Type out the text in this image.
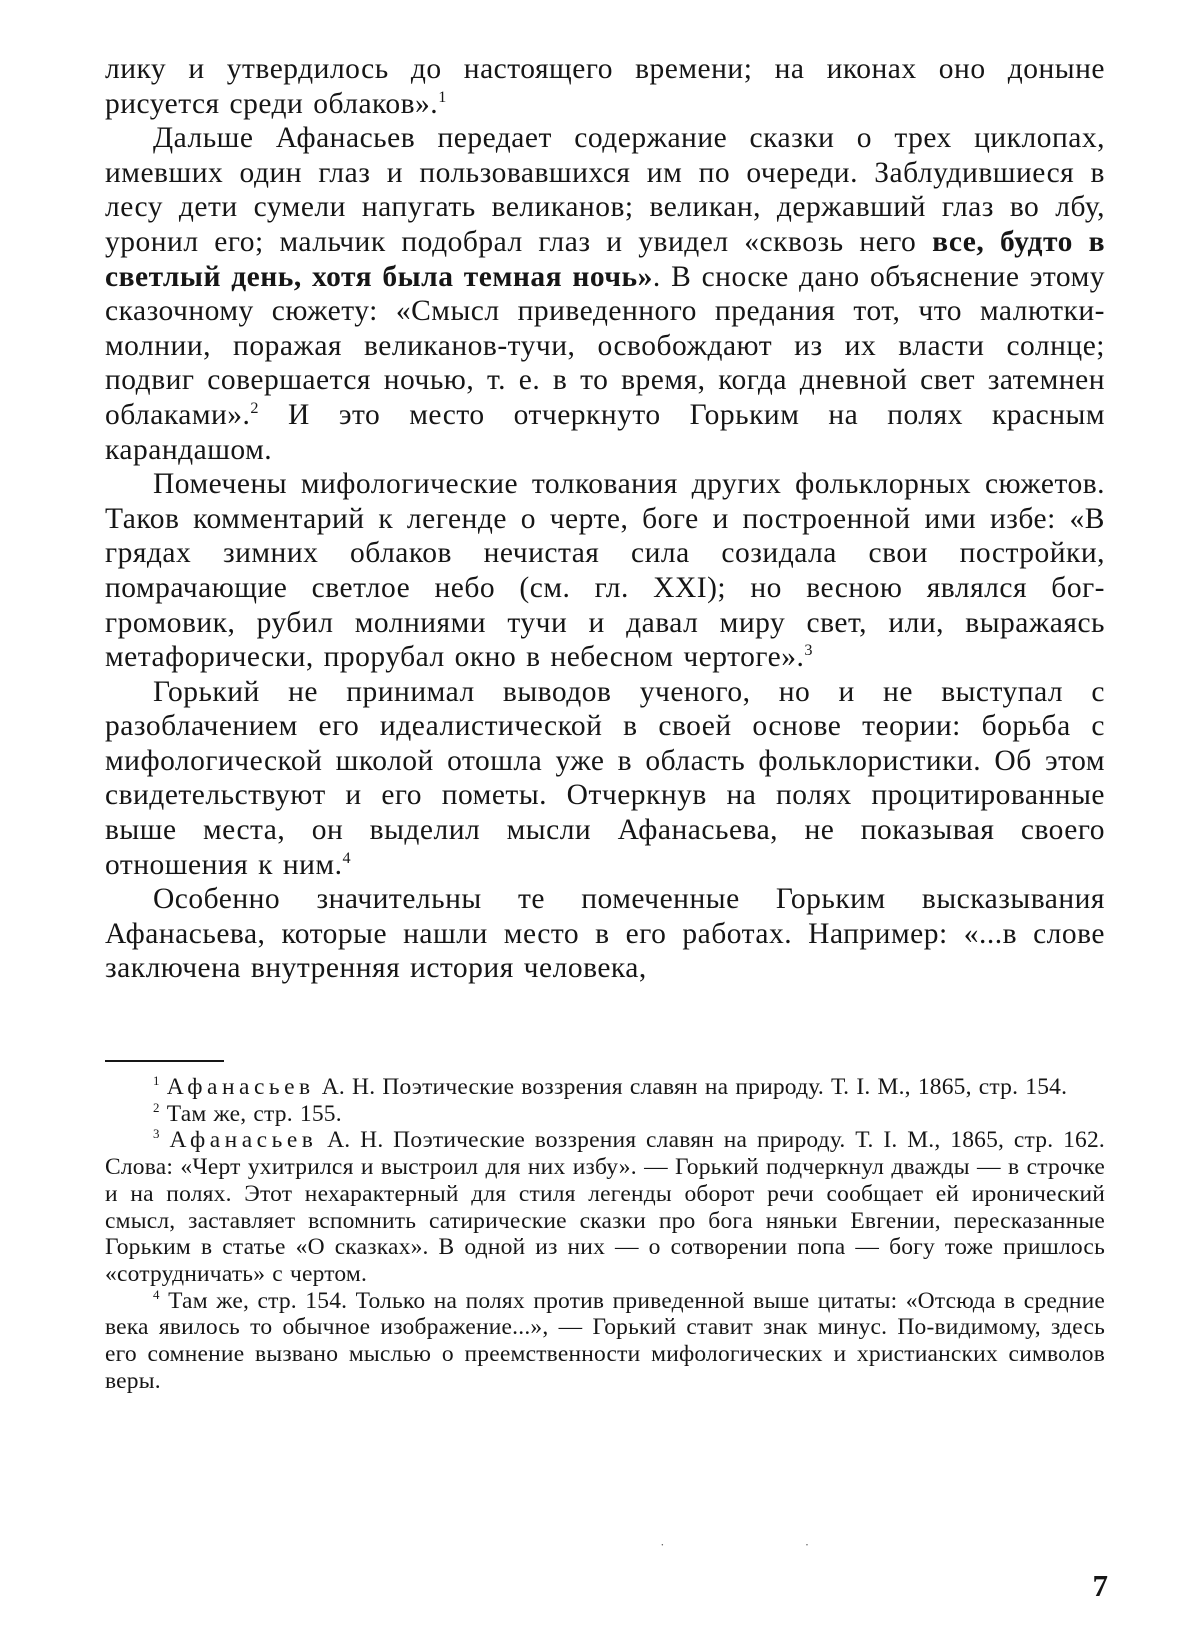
лику и утвердилось до настоящего времени; на иконах оно доныне рисуется среди облаков».$^1$

Дальше Афанасьев передает содержание сказки о трех циклопах, имевших один глаз и пользовавшихся им по очереди. Заблудившиеся в лесу дети сумели напугать великанов; великан, державший глаз во лбу, уронил его; мальчик подобрал глаз и увидел «сквозь него все, будто в светлый день, хотя была темная ночь». В сноске дано объяснение этому сказочному сюжету: «Смысл приведенного предания тот, что малютки-молнии, поражая великанов-тучи, освобождают из их власти солнце; подвиг совершается ночью, т. е. в то время, когда дневной свет затемнен облаками».$^2$ И это место отчеркнуто Горьким на полях красным карандашом.

Помечены мифологические толкования других фольклорных сюжетов. Таков комментарий к легенде о черте, боге и построенной ими избе: «В грядах зимних облаков нечистая сила созидала свои постройки, помрачающие светлое небо (см. гл. XXI); но весною являлся бог-громовик, рубил молниями тучи и давал миру свет, или, выражаясь метафорически, прорубал окно в небесном чертоге».$^3$

Горький не принимал выводов ученого, но и не выступал с разоблачением его идеалистической в своей основе теории: борьба с мифологической школой отошла уже в область фольклористики. Об этом свидетельствуют и его пометы. Отчеркнув на полях процитированные выше места, он выделил мысли Афанасьева, не показывая своего отношения к ним.$^4$

Особенно значительны те помеченные Горьким высказывания Афанасьева, которые нашли место в его работах. Например: «...в слове заключена внутренняя история человека,

$^1$ Афанасьев А. Н. Поэтические воззрения славян на природу. Т. I. М., 1865, стр. 154.

$^2$ Там же, стр. 155.

$^3$ Афанасьев А. Н. Поэтические воззрения славян на природу. Т. I. М., 1865, стр. 162. Слова: «Черт ухитрился и выстроил для них избу». — Горький подчеркнул дважды — в строчке и на полях. Этот нехарактерный для стиля легенды оборот речи сообщает ей иронический смысл, заставляет вспомнить сатирические сказки про бога няньки Евгении, пересказанные Горьким в статье «О сказках». В одной из них — о сотворении попа — богу тоже пришлось «сотрудничать» с чертом.

$^4$ Там же, стр. 154. Только на полях против приведенной выше цитаты: «Отсюда в средние века явилось то обычное изображение...», — Горький ставит знак минус. По-видимому, здесь его сомнение вызвано мыслью о преемственности мифологических и христианских символов веры.

˙˙
7
